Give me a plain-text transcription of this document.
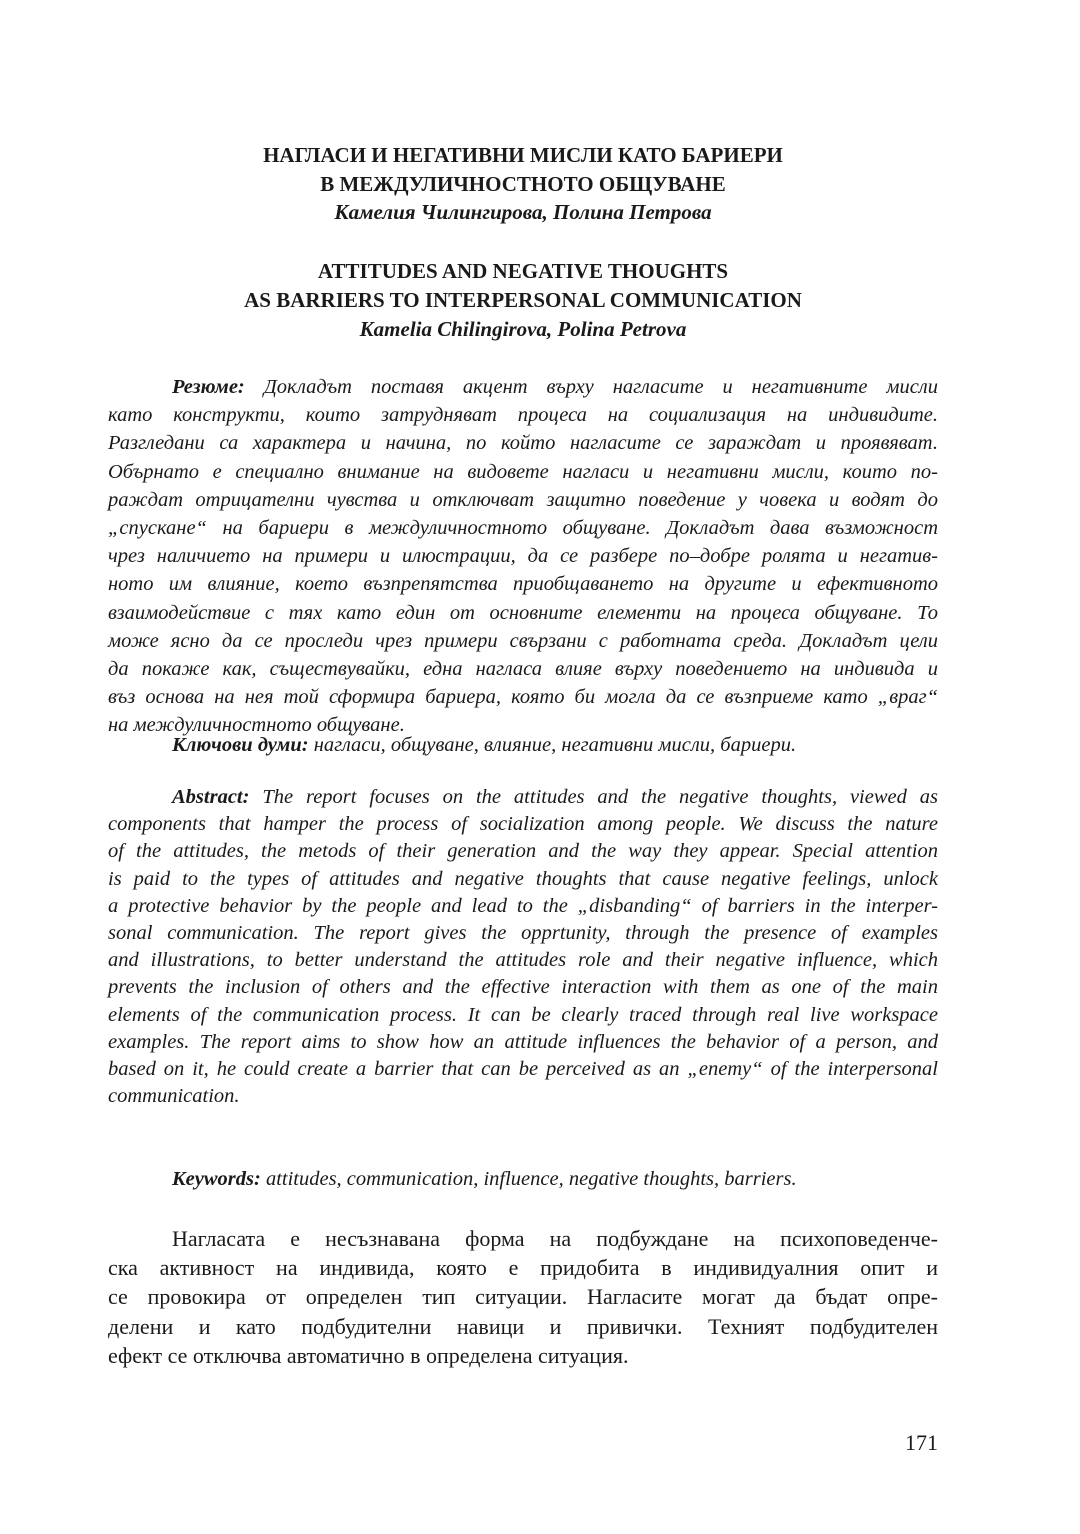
НАГЛАСИ И НЕГАТИВНИ МИСЛИ КАТО БАРИЕРИ
В МЕЖДУЛИЧНОСТНОТО ОБЩУВАНЕ
Камелия Чилингирова, Полина Петрова
ATTITUDES AND NEGATIVE THOUGHTS
AS BARRIERS TO INTERPERSONAL COMMUNICATION
Kamelia Chilingirova, Polina Petrova
Резюме: Докладът поставя акцент върху нагласите и негативните мисли
като конструкти, които затрудняват процеса на социализация на индивидите.
Разгледани са характера и начина, по който нагласите се зараждат и проявяват.
Обърнато е специално внимание на видовете нагласи и негативни мисли, които по-
раждат отрицателни чувства и отключват защитно поведение у човека и водят до
„спускане“ на бариери в междуличностното общуване. Докладът дава възможност
чрез наличието на примери и илюстрации, да се разбере по–добре ролята и негатив-
ното им влияние, което възпрепятства приобщаването на другите и ефективното
взаимодействие с тях като един от основните елементи на процеса общуване. То
може ясно да се проследи чрез примери свързани с работната среда. Докладът цели
да покаже как, съществувайки, една нагласа влияе върху поведението на индивида и
въз основа на нея той сформира бариера, която би могла да се възприеме като „враг“
на междуличностното общуване.
Ключови думи: нагласи, общуване, влияние, негативни мисли, бариери.
Abstract: The report focuses on the attitudes and the negative thoughts, viewed as
components that hamper the process of socialization among people. We discuss the nature
of the attitudes, the metods of their generation and the way they appear. Special attention
is paid to the types of attitudes and negative thoughts that cause negative feelings, unlock
a protective behavior by the people and lead to the „disbanding“ of barriers in the interper-
sonal communication. The report gives the opprtunity, through the presence of examples
and illustrations, to better understand the attitudes role and their negative influence, which
prevents the inclusion of others and the effective interaction with them as one of the main
elements of the communication process. It can be clearly traced through real live workspace
examples. The report aims to show how an attitude influences the behavior of a person, and
based on it, he could create a barrier that can be perceived as an „enemy“ of the interpersonal
communication.
Keywords: attitudes, communication, influence, negative thoughts, barriers.
Нагласата е несъзнавана форма на подбуждане на психоповеденче-
ска активност на индивида, която е придобита в индивидуалния опит и
се провокира от определен тип ситуации. Нагласите могат да бъдат опре-
делени и като подбудителни навици и привички. Техният подбудителен
ефект се отключва автоматично в определена ситуация.
171
